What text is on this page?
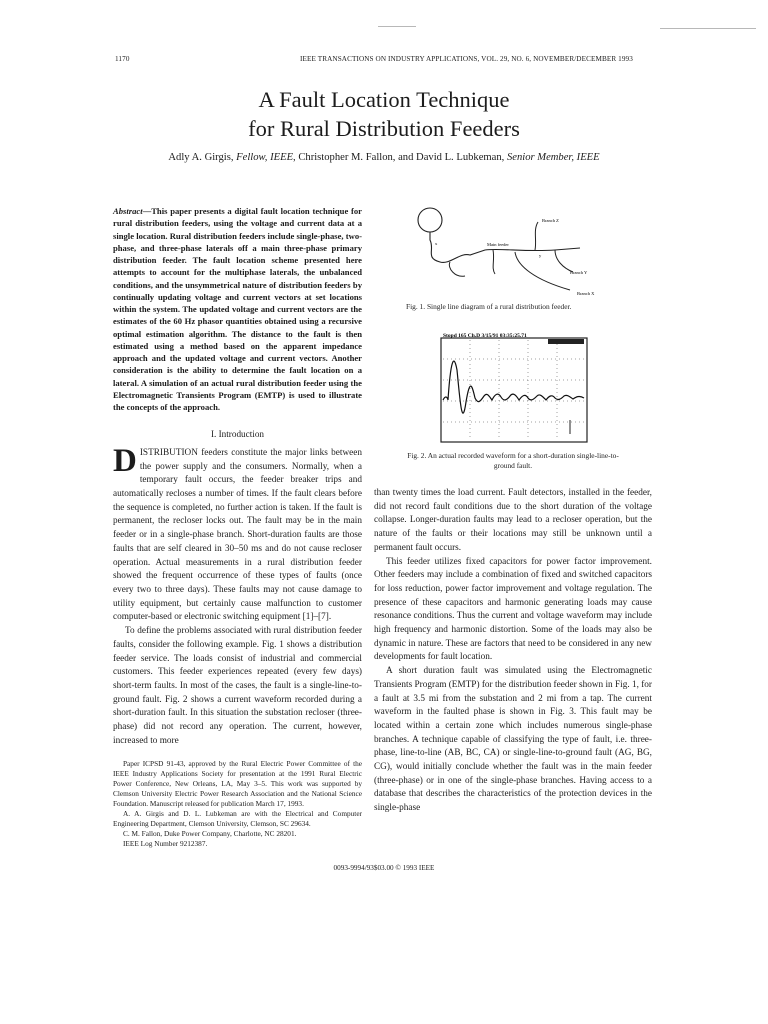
1170	IEEE TRANSACTIONS ON INDUSTRY APPLICATIONS, VOL. 29, NO. 6, NOVEMBER/DECEMBER 1993
A Fault Location Technique
for Rural Distribution Feeders
Adly A. Girgis, Fellow, IEEE, Christopher M. Fallon, and David L. Lubkeman, Senior Member, IEEE

Abstract—This paper presents a digital fault location technique for rural distribution feeders, using the voltage and current data at a single location. Rural distribution feeders include single-phase, two-phase, and three-phase laterals off a main three-phase primary distribution feeder. The fault location scheme presented here attempts to account for the multiphase laterals, the unbalanced conditions, and the unsymmetrical nature of distribution feeders by continually updating voltage and current vectors at set locations within the system. The updated voltage and current vectors are the estimates of the 60 Hz phasor quantities obtained using a recursive optimal estimation algorithm. The distance to the fault is then estimated using a method based on the apparent impedance approach and the updated voltage and current vectors. Another consideration is the ability to determine the fault location on a lateral. A simulation of an actual rural distribution feeder using the Electromagnetic Transients Program (EMTP) is used to illustrate the concepts of the approach.

I. Introduction

DISTRIBUTION feeders constitute the major links between the power supply and the consumers. Normally, when a temporary fault occurs, the feeder breaker trips and automatically recloses a number of times. If the fault clears before the sequence is completed, no further action is taken. If the fault is permanent, the recloser locks out. The fault may be in the main feeder or in a single-phase branch. Short-duration faults are those faults that are self cleared in 30–50 ms and do not cause recloser operation. Actual measurements in a rural distribution feeder showed the frequent occurrence of these types of faults (once every two to three days). These faults may not cause damage to utility equipment, but certainly cause malfunction to customer computer-based or electronic switching equipment [1]–[7].

To define the problems associated with rural distribution feeder faults, consider the following example. Fig. 1 shows a distribution feeder service. The loads consist of industrial and commercial customers. This feeder experiences repeated (every few days) short-term faults. In most of the cases, the fault is a single-line-to-ground fault. Fig. 2 shows a current waveform recorded during a short-duration fault. In this situation the substation recloser (three-phase) did not record any operation. The current, however, increased to more

Paper ICPSD 91-43, approved by the Rural Electric Power Committee of the IEEE Industry Applications Society for presentation at the 1991 Rural Electric Power Conference, New Orleans, LA, May 3–5. This work was supported by Clemson University Electric Power Research Association and the National Science Foundation. Manuscript released for publication March 17, 1993.

A. A. Girgis and D. L. Lubkeman are with the Electrical and Computer Engineering Department, Clemson University, Clemson, SC 29634.

C. M. Fallon, Duke Power Company, Charlotte, NC 28201.

IEEE Log Number 9212387.

Branch Z
Main feeder
x
y
Branch Y
Branch X
Fig. 1. Single line diagram of a rural distribution feeder.
Stopd 165 Ch.D 3/15/91 03:35:25.71
Fig. 2. An actual recorded waveform for a short-duration single-line-to-
ground fault.

than twenty times the load current. Fault detectors, installed in the feeder, did not record fault conditions due to the short duration of the voltage collapse. Longer-duration faults may lead to a recloser operation, but the nature of the faults or their locations may still be unknown until a permanent fault occurs.

This feeder utilizes fixed capacitors for power factor improvement. Other feeders may include a combination of fixed and switched capacitors for loss reduction, power factor improvement and voltage regulation. The presence of these capacitors and harmonic generating loads may cause resonance conditions. Thus the current and voltage waveform may include high frequency and harmonic distortion. Some of the loads may also be dynamic in nature. These are factors that need to be considered in any new developments for fault location.

A short duration fault was simulated using the Electromagnetic Transients Program (EMTP) for the distribution feeder shown in Fig. 1, for a fault at 3.5 mi from the substation and 2 mi from a tap. The current waveform in the faulted phase is shown in Fig. 3. This fault may be located within a certain zone which includes numerous single-phase branches. A technique capable of classifying the type of fault, i.e. three-phase, line-to-line (AB, BC, CA) or single-line-to-ground fault (AG, BG, CG), would initially conclude whether the fault was in the main feeder (three-phase) or in one of the single-phase branches. Having access to a database that describes the characteristics of the protection devices in the single-phase

0093-9994/93$03.00 © 1993 IEEE
